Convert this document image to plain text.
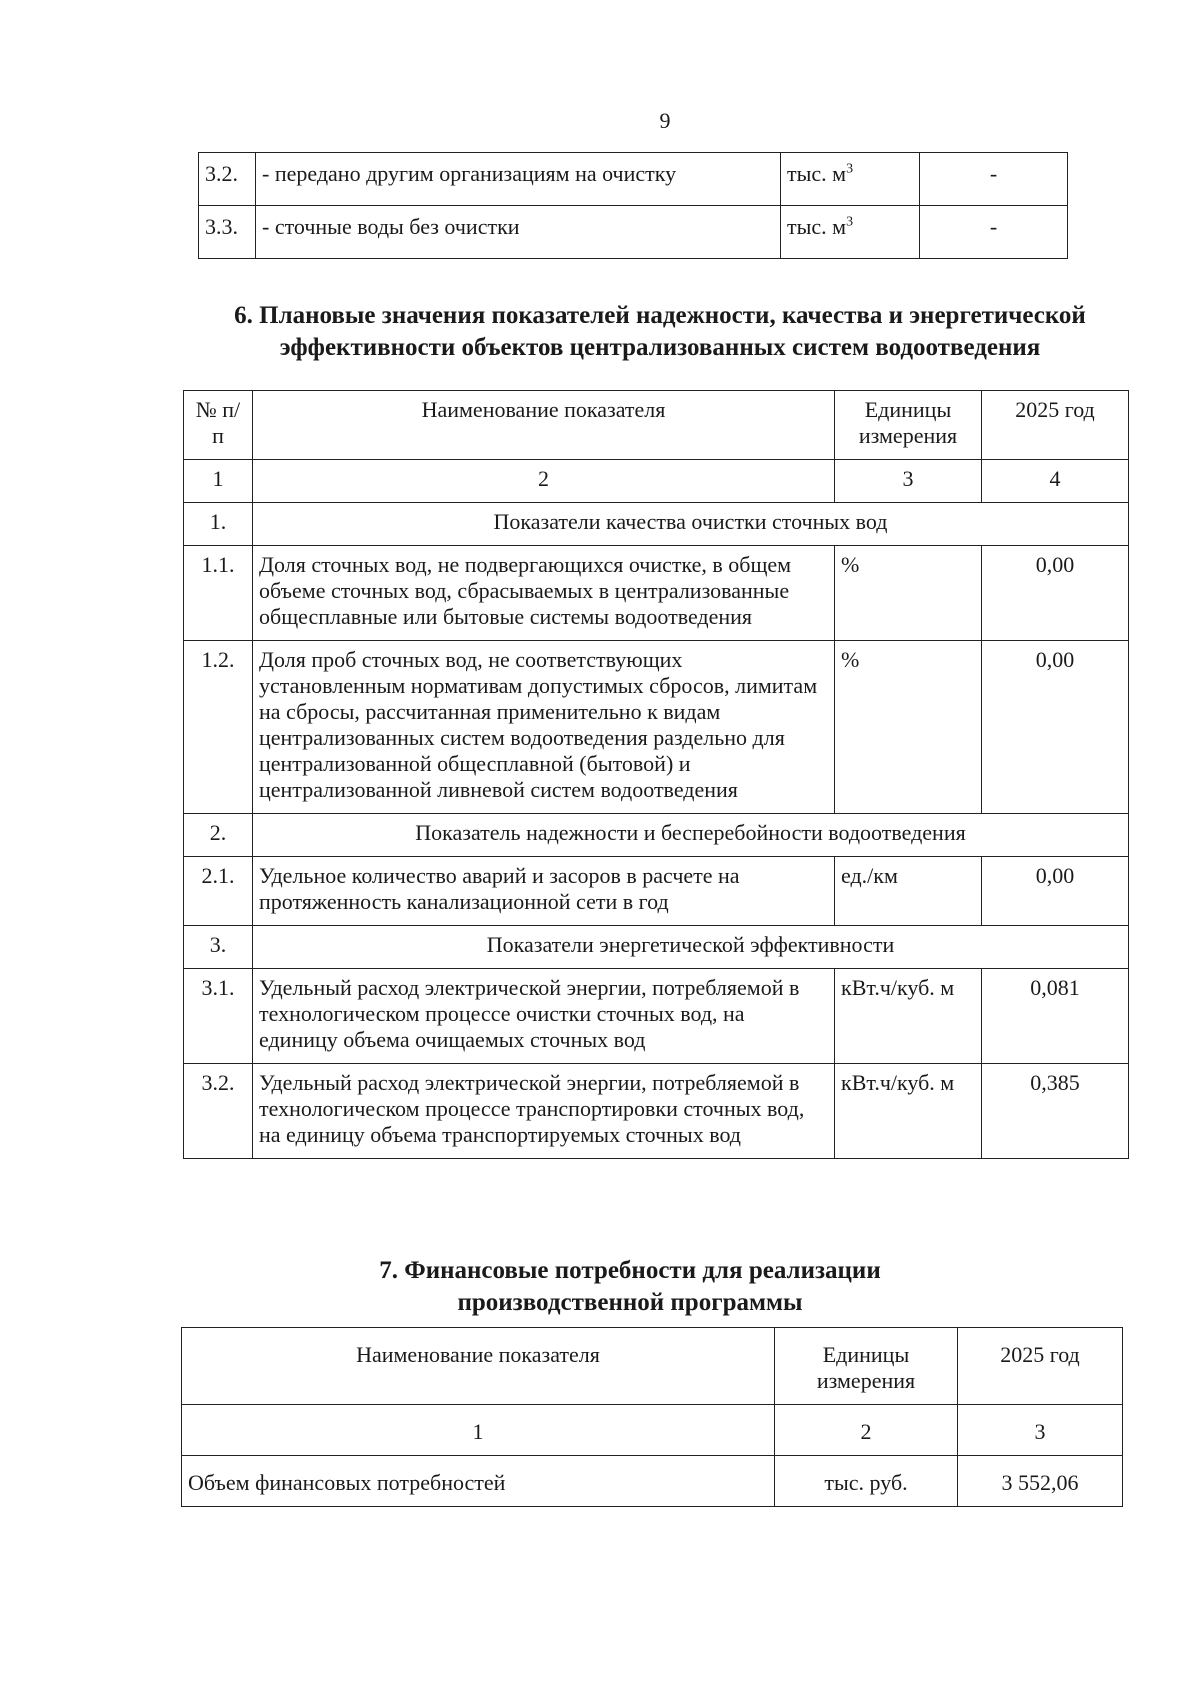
9
3.2.	- передано другим организациям на очистку	тыс. $м^3$	-
3.3.	- сточные воды без очистки	тыс. $м^3$	-
6. Плановые значения показателей надежности, качества и энергетической
эффективности объектов централизованных систем водоотведения
№ п/п	Наименование показателя	Единицы измерения	2025 год
1	2	3	4
1.	Показатели качества очистки сточных вод		
1.1.	Доля сточных вод, не подвергающихся очистке, в общем объеме сточных вод, сбрасываемых в централизованные общесплавные или бытовые системы водоотведения	%	0,00
1.2.	Доля проб сточных вод, не соответствующих установленным нормативам допустимых сбросов, лимитам на сбросы, рассчитанная применительно к видам централизованных систем водоотведения раздельно для централизованной общесплавной (бытовой) и централизованной ливневой систем водоотведения	%	0,00
2.	Показатель надежности и бесперебойности водоотведения		
2.1.	Удельное количество аварий и засоров в расчете на протяженность канализационной сети в год	ед./км	0,00
3.	Показатели энергетической эффективности		
3.1.	Удельный расход электрической энергии, потребляемой в технологическом процессе очистки сточных вод, на единицу объема очищаемых сточных вод	кВт.ч/куб. м	0,081
3.2.	Удельный расход электрической энергии, потребляемой в технологическом процессе транспортировки сточных вод, на единицу объема транспортируемых сточных вод	кВт.ч/куб. м	0,385
7. Финансовые потребности для реализации
производственной программы
Наименование показателя	Единицы измерения	2025 год
1	2	3
Объем финансовых потребностей	тыс. руб.	3 552,06
